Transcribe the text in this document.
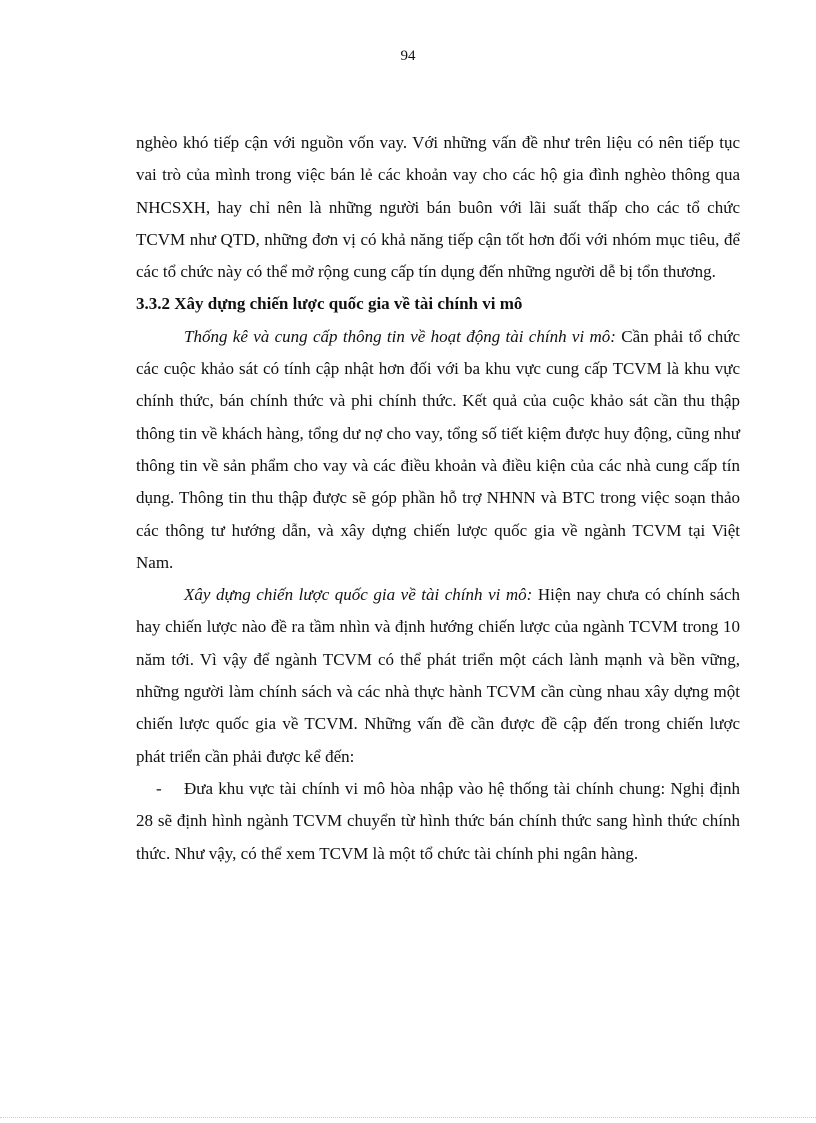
94

nghèo khó tiếp cận với nguồn vốn vay. Với những vấn đề như trên liệu có nên tiếp tục vai trò của mình trong việc bán lẻ các khoản vay cho các hộ gia đình nghèo thông qua NHCSXH, hay chỉ nên là những người bán buôn với lãi suất thấp cho các tổ chức TCVM như QTD, những đơn vị có khả năng tiếp cận tốt hơn đối với nhóm mục tiêu, để các tổ chức này có thể mở rộng cung cấp tín dụng đến những người dễ bị tổn thương.

3.3.2 Xây dựng chiến lược quốc gia về tài chính vi mô

Thống kê và cung cấp thông tin về hoạt động tài chính vi mô: Cần phải tổ chức các cuộc khảo sát có tính cập nhật hơn đối với ba khu vực cung cấp TCVM là khu vực chính thức, bán chính thức và phi chính thức. Kết quả của cuộc khảo sát cần thu thập thông tin về khách hàng, tổng dư nợ cho vay, tổng số tiết kiệm được huy động, cũng như thông tin về sản phẩm cho vay và các điều khoản và điều kiện của các nhà cung cấp tín dụng. Thông tin thu thập được sẽ góp phần hỗ trợ NHNN và BTC trong việc soạn thảo các thông tư hướng dẫn, và xây dựng chiến lược quốc gia về ngành TCVM tại Việt Nam.

Xây dựng chiến lược quốc gia về tài chính vi mô: Hiện nay chưa có chính sách hay chiến lược nào đề ra tầm nhìn và định hướng chiến lược của ngành TCVM trong 10 năm tới. Vì vậy để ngành TCVM có thể phát triển một cách lành mạnh và bền vững, những người làm chính sách và các nhà thực hành TCVM cần cùng nhau xây dựng một chiến lược quốc gia về TCVM. Những vấn đề cần được đề cập đến trong chiến lược phát triển cần phải được kể đến:

- Đưa khu vực tài chính vi mô hòa nhập vào hệ thống tài chính chung: Nghị định 28 sẽ định hình ngành TCVM chuyển từ hình thức bán chính thức sang hình thức chính thức. Như vậy, có thể xem TCVM là một tổ chức tài chính phi ngân hàng.
